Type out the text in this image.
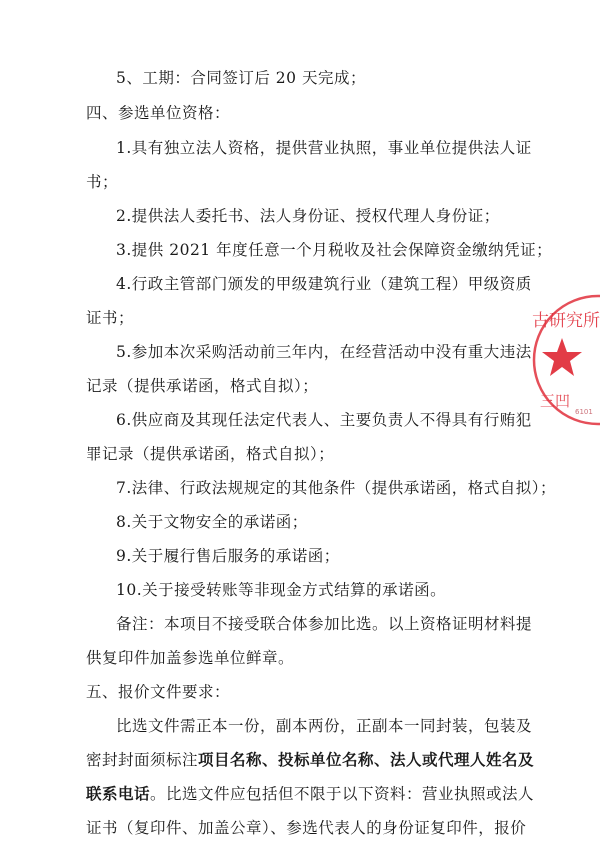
5、工期：合同签订后 20 天完成；
四、参选单位资格：
1.具有独立法人资格，提供营业执照，事业单位提供法人证
书；
2.提供法人委托书、法人身份证、授权代理人身份证；
3.提供 2021 年度任意一个月税收及社会保障资金缴纳凭证；
4.行政主管部门颁发的甲级建筑行业（建筑工程）甲级资质
证书；
5.参加本次采购活动前三年内，在经营活动中没有重大违法
记录（提供承诺函，格式自拟）；
6.供应商及其现任法定代表人、主要负责人不得具有行贿犯
罪记录（提供承诺函，格式自拟）；
7.法律、行政法规规定的其他条件（提供承诺函，格式自拟）；
8.关于文物安全的承诺函；
9.关于履行售后服务的承诺函；
10.关于接受转账等非现金方式结算的承诺函。
备注：本项目不接受联合体参加比选。以上资格证明材料提
供复印件加盖参选单位鲜章。
五、报价文件要求：
比选文件需正本一份，副本两份，正副本一同封装，包装及
密封封面须标注项目名称、投标单位名称、法人或代理人姓名及
联系电话。比选文件应包括但不限于以下资料：营业执照或法人
证书（复印件、加盖公章）、参选代表人的身份证复印件，报价
古研究所
三凹
6101
